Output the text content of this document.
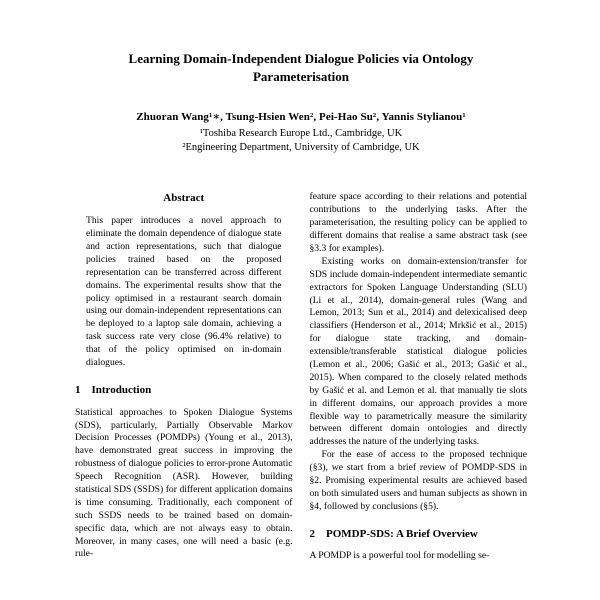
Learning Domain-Independent Dialogue Policies via Ontology Parameterisation
Zhuoran Wang¹∗, Tsung-Hsien Wen², Pei-Hao Su², Yannis Stylianou¹
¹Toshiba Research Europe Ltd., Cambridge, UK
²Engineering Department, University of Cambridge, UK
Abstract

This paper introduces a novel approach to eliminate the domain dependence of dialogue state and action representations, such that dialogue policies trained based on the proposed representation can be transferred across different domains. The experimental results show that the policy optimised in a restaurant search domain using our domain-independent representations can be deployed to a laptop sale domain, achieving a task success rate very close (96.4% relative) to that of the policy optimised on in-domain dialogues.

1 Introduction

Statistical approaches to Spoken Dialogue Systems (SDS), particularly, Partially Observable Markov Decision Processes (POMDPs) (Young et al., 2013), have demonstrated great success in improving the robustness of dialogue policies to error-prone Automatic Speech Recognition (ASR). However, building statistical SDS (SSDS) for different application domains is time consuming. Traditionally, each component of such SSDS needs to be trained based on domain-specific data, which are not always easy to obtain. Moreover, in many cases, one will need a basic (e.g. rule-

feature space according to their relations and potential contributions to the underlying tasks. After the parameterisation, the resulting policy can be applied to different domains that realise a same abstract task (see §3.3 for examples).

Existing works on domain-extension/transfer for SDS include domain-independent intermediate semantic extractors for Spoken Language Understanding (SLU) (Li et al., 2014), domain-general rules (Wang and Lemon, 2013; Sun et al., 2014) and delexicalised deep classifiers (Henderson et al., 2014; Mrkšić et al., 2015) for dialogue state tracking, and domain-extensible/transferable statistical dialogue policies (Lemon et al., 2006; Gašić et al., 2013; Gašić et al., 2015). When compared to the closely related methods by Gašić et al. and Lemon et al. that manually tie slots in different domains, our approach provides a more flexible way to parametrically measure the similarity between different domain ontologies and directly addresses the nature of the underlying tasks.

For the ease of access to the proposed technique (§3), we start from a brief review of POMDP-SDS in §2. Promising experimental results are achieved based on both simulated users and human subjects as shown in §4, followed by conclusions (§5).

2 POMDP-SDS: A Brief Overview

A POMDP is a powerful tool for modelling se-
